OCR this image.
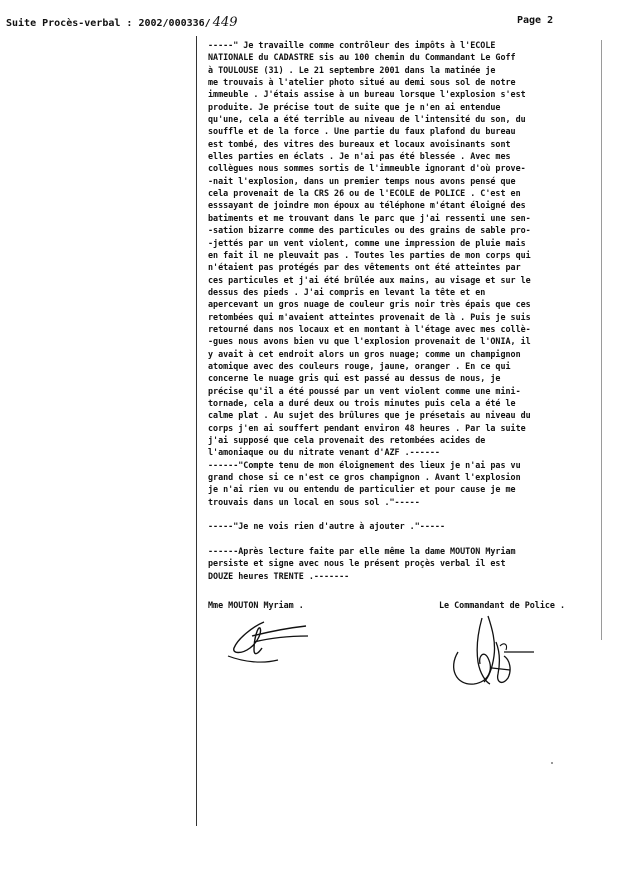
Suite Procès-verbal : 2002/000336/ 449	Page 2
-----" Je travaille comme contrôleur des impôts à l'ECOLE
NATIONALE du CADASTRE sis au 100 chemin du Commandant Le Goff
à TOULOUSE (31) . Le 21 septembre 2001 dans la matinée je
me trouvais à l'atelier photo situé au demi sous sol de notre
immeuble . J'étais assise à un bureau lorsque l'explosion s'est
produite. Je précise tout de suite que je n'en ai entendue
qu'une, cela a été terrible au niveau de l'intensité du son, du
souffle et de la force . Une partie du faux plafond du bureau
est tombé, des vitres des bureaux et locaux avoisinants sont
elles parties en éclats . Je n'ai pas été blessée . Avec mes
collègues nous sommes sortis de l'immeuble ignorant d'où prove-
-nait l'explosion, dans un premier temps nous avons pensé que
cela provenait de la CRS 26 ou de l'ECOLE de POLICE . C'est en
esssayant de joindre mon époux au téléphone m'étant éloigné des
batiments et me trouvant dans le parc que j'ai ressenti une sen-
-sation bizarre comme des particules ou des grains de sable pro-
-jettés par un vent violent, comme une impression de pluie mais
en fait il ne pleuvait pas . Toutes les parties de mon corps qui
n'étaient pas protégés par des vêtements ont été atteintes par
ces particules et j'ai été brûlée aux mains, au visage et sur le
dessus des pieds . J'ai compris en levant la tête et en
apercevant un gros nuage de couleur gris noir très épais que ces
retombées qui m'avaient atteintes provenait de là . Puis je suis
retourné dans nos locaux et en montant à l'étage avec mes collè-
-gues nous avons bien vu que l'explosion provenait de l'ONIA, il
y avait à cet endroit alors un gros nuage; comme un champignon
atomique avec des couleurs rouge, jaune, oranger . En ce qui
concerne le nuage gris qui est passé au dessus de nous, je
précise qu'il a été poussé par un vent violent comme une mini-
tornade, cela a duré deux ou trois minutes puis cela a été le
calme plat . Au sujet des brûlures que je présetais au niveau du
corps j'en ai souffert pendant environ 48 heures . Par la suite
j'ai supposé que cela provenait des retombées acides de
l'amoniaque ou du nitrate venant d'AZF .------
------"Compte tenu de mon éloignement des lieux je n'ai pas vu
grand chose si ce n'est ce gros champignon . Avant l'explosion
je n'ai rien vu ou entendu de particulier et pour cause je me
trouvais dans un local en sous sol ."-----
-----"Je ne vois rien d'autre à ajouter ."-----
------Après lecture faite par elle même la dame MOUTON Myriam
persiste et signe avec nous le présent proçès verbal il est
DOUZE heures TRENTE .-------
Mme MOUTON Myriam .	Le Commandant de Police .
